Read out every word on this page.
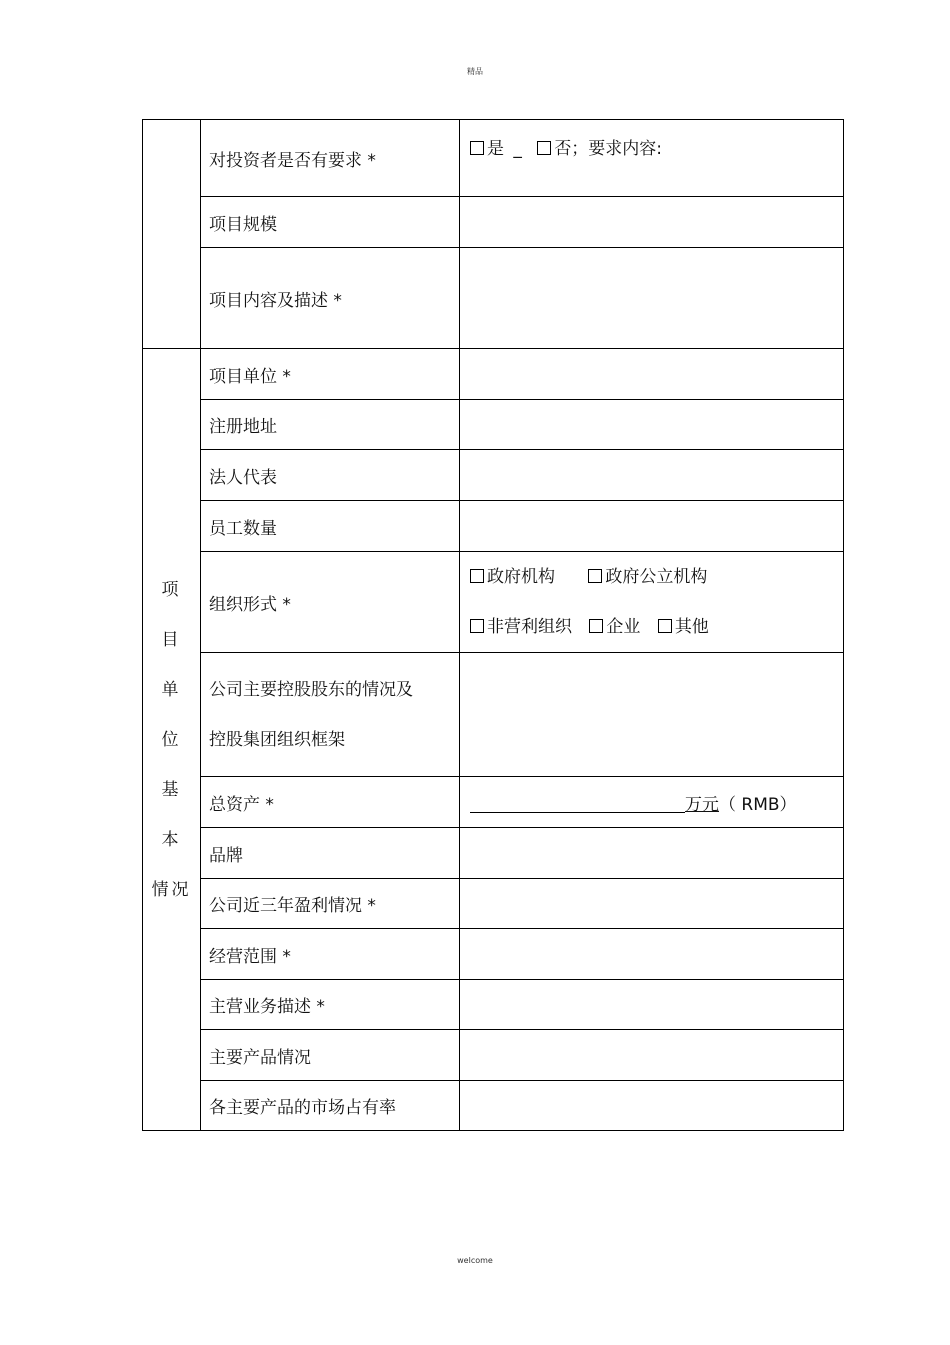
精品
	对投资者是否有要求 *	是 _ 否；要求内容:
	项目规模	
	项目内容及描述 *	
项 目
单 位
基 本
情况	项目单位 *	
	注册地址	
	法人代表	
	员工数量	
	组织形式 *	政府机构 政府公立机构
非营利组织 企业 其他

	公司主要控股股东的情况及
控股集团组织框架	

	总资产 *	万元（ RMB）
	品牌	
	公司近三年盈利情况 *	
	经营范围 *	
	主营业务描述 *	
	主要产品情况	
	各主要产品的市场占有率	
welcome
